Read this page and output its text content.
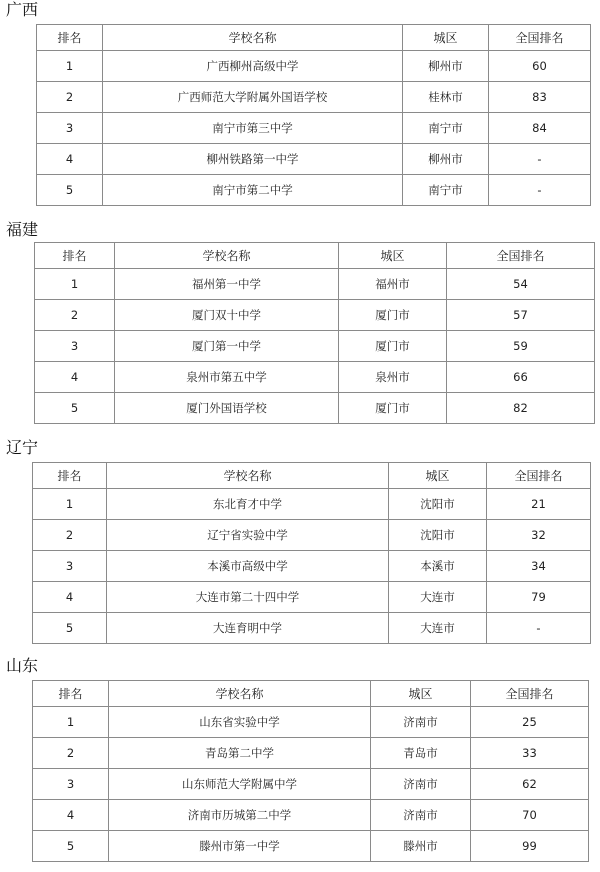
广西
排名	学校名称	城区	全国排名
1	广西柳州高级中学	柳州市	60
2	广西师范大学附属外国语学校	桂林市	83
3	南宁市第三中学	南宁市	84
4	柳州铁路第一中学	柳州市	-
5	南宁市第二中学	南宁市	-
福建
排名	学校名称	城区	全国排名
1	福州第一中学	福州市	54
2	厦门双十中学	厦门市	57
3	厦门第一中学	厦门市	59
4	泉州市第五中学	泉州市	66
5	厦门外国语学校	厦门市	82
辽宁
排名	学校名称	城区	全国排名
1	东北育才中学	沈阳市	21
2	辽宁省实验中学	沈阳市	32
3	本溪市高级中学	本溪市	34
4	大连市第二十四中学	大连市	79
5	大连育明中学	大连市	-
山东
排名	学校名称	城区	全国排名
1	山东省实验中学	济南市	25
2	青岛第二中学	青岛市	33
3	山东师范大学附属中学	济南市	62
4	济南市历城第二中学	济南市	70
5	滕州市第一中学	滕州市	99
